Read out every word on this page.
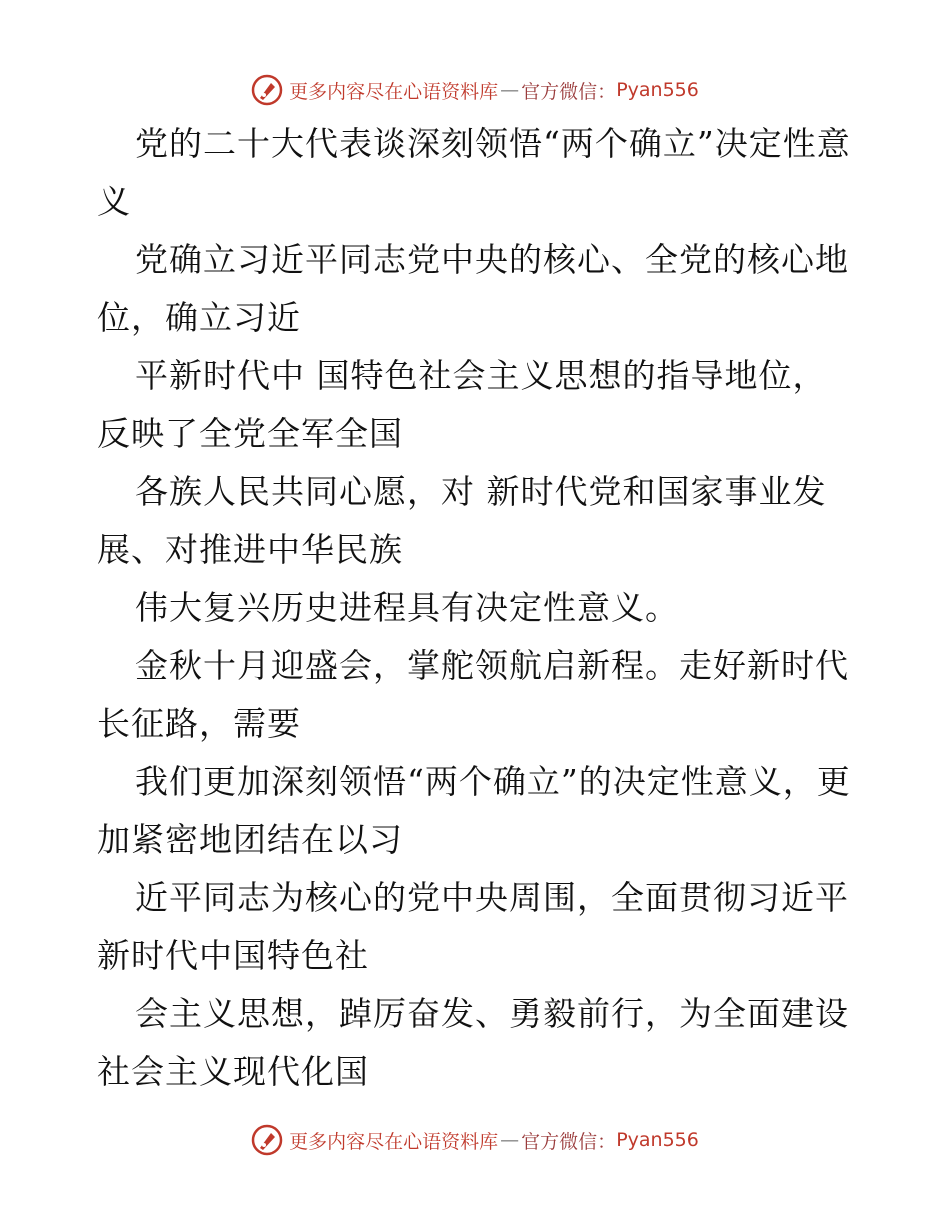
更多内容尽在心语资料库 — 官方微信： Pyan556

党的二十大代表谈深刻领悟“两个确立”决定性意义

党确立习近平同志党中央的核心、全党的核心地位，确立习近

平新时代中 国特色社会主义思想的指导地位，反映了全党全军全国

各族人民共同心愿，对 新时代党和国家事业发展、对推进中华民族

伟大复兴历史进程具有决定性意义。

金秋十月迎盛会，掌舵领航启新程。走好新时代长征路，需要

我们更加深刻领悟“两个确立”的决定性意义，更加紧密地团结在以习

近平同志为核心的党中央周围，全面贯彻习近平新时代中国特色社

会主义思想，踔厉奋发、勇毅前行，为全面建设社会主义现代化国

更多内容尽在心语资料库 — 官方微信： Pyan556
